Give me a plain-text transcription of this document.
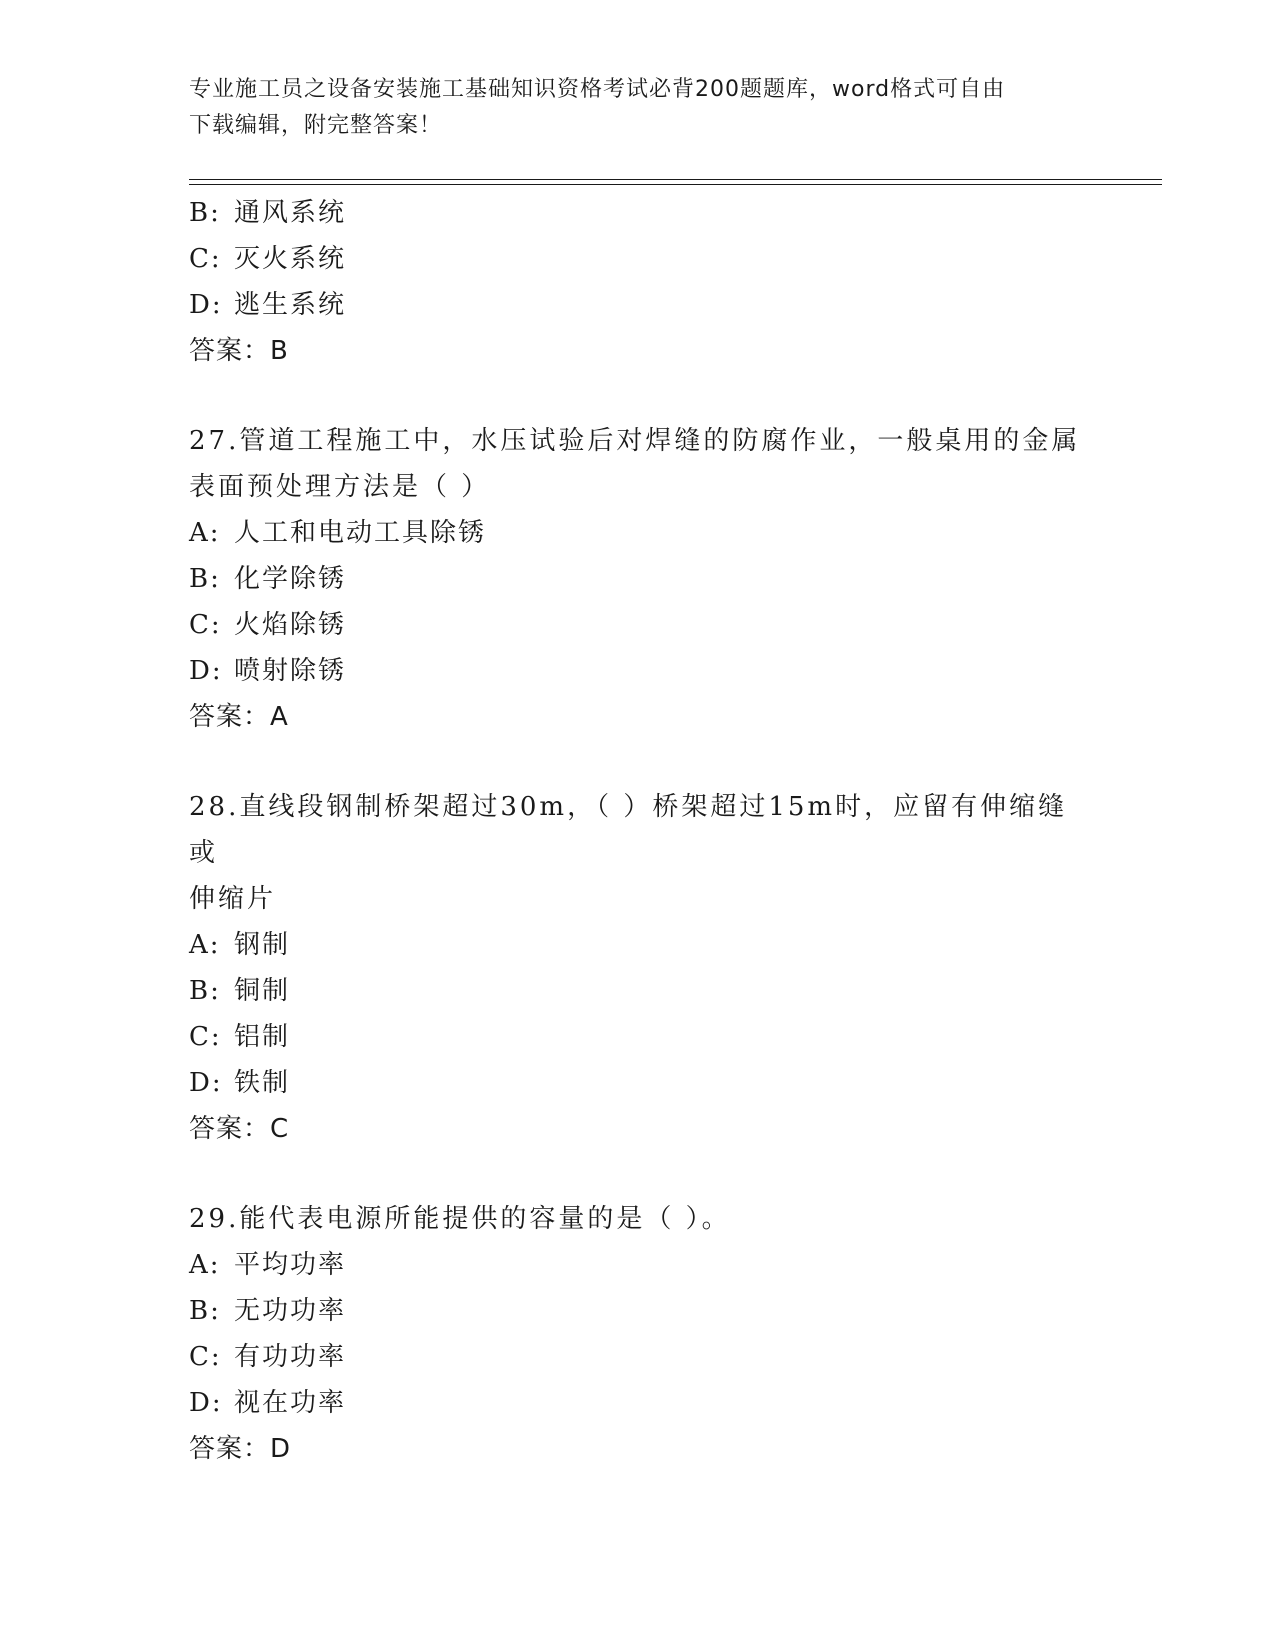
专业施工员之设备安装施工基础知识资格考试必背200题题库，word格式可自由
下载编辑，附完整答案！
B: 通风系统
C: 灭火系统
D: 逃生系统
答案：B
27.管道工程施工中，水压试验后对焊缝的防腐作业，一般桌用的金属
表面预处理方法是（ ）
A: 人工和电动工具除锈
B: 化学除锈
C: 火焰除锈
D: 喷射除锈
答案：A
28.直线段钢制桥架超过30m，（ ）桥架超过15m时，应留有伸缩缝或
伸缩片
A: 钢制
B: 铜制
C: 铝制
D: 铁制
答案：C
29.能代表电源所能提供的容量的是（ ）。
A: 平均功率
B: 无功功率
C: 有功功率
D: 视在功率
答案：D
